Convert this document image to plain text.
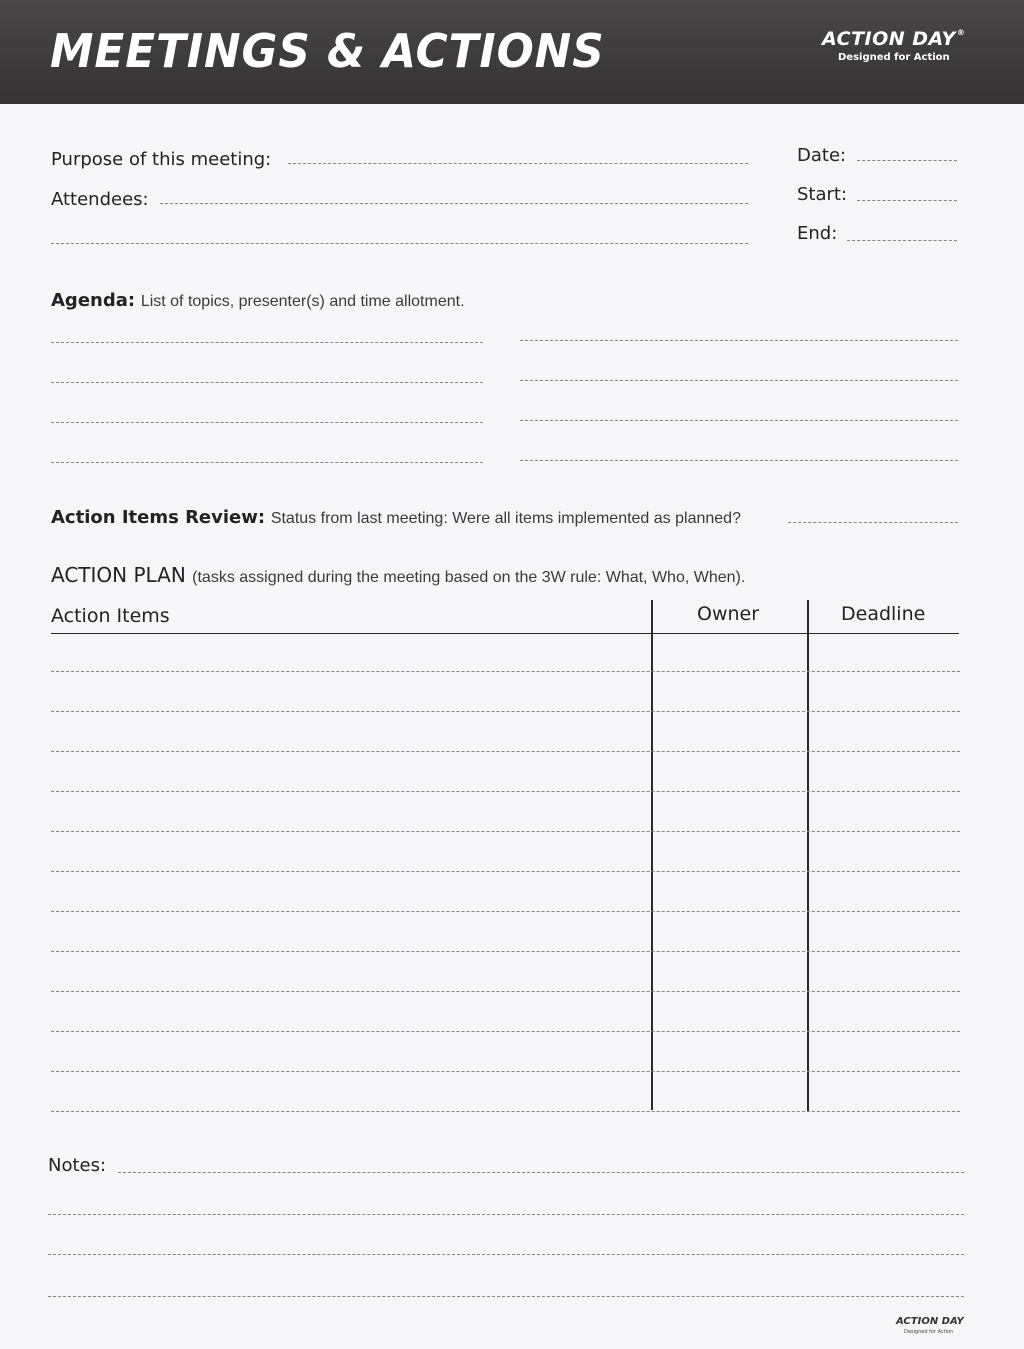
MEETINGS & ACTIONS	ACTION DAY®
Designed for Action
Purpose of this meeting:
Attendees:
Date:
Start:
End:
Agenda: List of topics, presenter(s) and time allotment.
Action Items Review: Status from last meeting: Were all items implemented as planned?
ACTION PLAN (tasks assigned during the meeting based on the 3W rule: What, Who, When).
Action Items	Owner	Deadline
Notes:
ACTION DAY
Designed for Action
